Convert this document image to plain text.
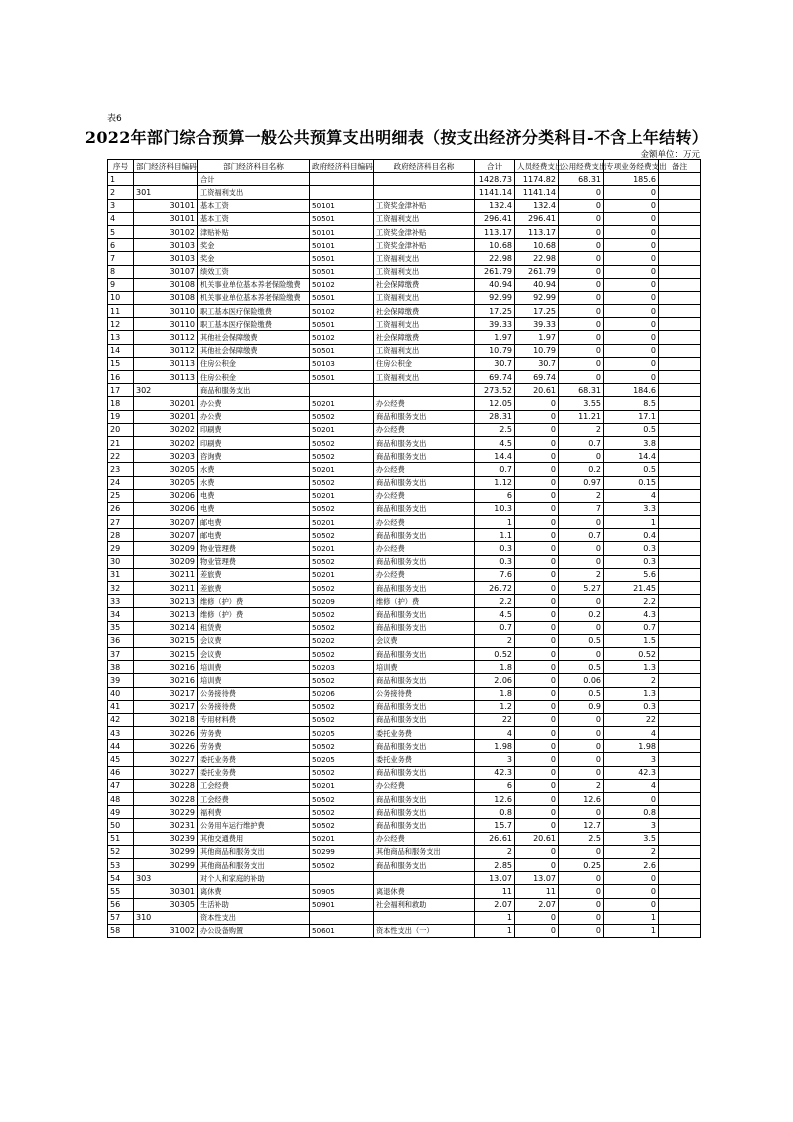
表6
2022年部门综合预算一般公共预算支出明细表（按支出经济分类科目-不含上年结转）
金额单位：万元
序号	部门经济科目编码	部门经济科目名称	政府经济科目编码	政府经济科目名称	合计	人员经费支出	公用经费支出	专项业务经费支出	备注
1		合计			1428.73	1174.82	68.31	185.6	
2	301	工资福利支出			1141.14	1141.14	0	0	
3	30101	基本工资	50101	工资奖金津补贴	132.4	132.4	0	0	
4	30101	基本工资	50501	工资福利支出	296.41	296.41	0	0	
5	30102	津贴补贴	50101	工资奖金津补贴	113.17	113.17	0	0	
6	30103	奖金	50101	工资奖金津补贴	10.68	10.68	0	0	
7	30103	奖金	50501	工资福利支出	22.98	22.98	0	0	
8	30107	绩效工资	50501	工资福利支出	261.79	261.79	0	0	
9	30108	机关事业单位基本养老保险缴费	50102	社会保障缴费	40.94	40.94	0	0	
10	30108	机关事业单位基本养老保险缴费	50501	工资福利支出	92.99	92.99	0	0	
11	30110	职工基本医疗保险缴费	50102	社会保障缴费	17.25	17.25	0	0	
12	30110	职工基本医疗保险缴费	50501	工资福利支出	39.33	39.33	0	0	
13	30112	其他社会保障缴费	50102	社会保障缴费	1.97	1.97	0	0	
14	30112	其他社会保障缴费	50501	工资福利支出	10.79	10.79	0	0	
15	30113	住房公积金	50103	住房公积金	30.7	30.7	0	0	
16	30113	住房公积金	50501	工资福利支出	69.74	69.74	0	0	
17	302	商品和服务支出			273.52	20.61	68.31	184.6	
18	30201	办公费	50201	办公经费	12.05	0	3.55	8.5	
19	30201	办公费	50502	商品和服务支出	28.31	0	11.21	17.1	
20	30202	印刷费	50201	办公经费	2.5	0	2	0.5	
21	30202	印刷费	50502	商品和服务支出	4.5	0	0.7	3.8	
22	30203	咨询费	50502	商品和服务支出	14.4	0	0	14.4	
23	30205	水费	50201	办公经费	0.7	0	0.2	0.5	
24	30205	水费	50502	商品和服务支出	1.12	0	0.97	0.15	
25	30206	电费	50201	办公经费	6	0	2	4	
26	30206	电费	50502	商品和服务支出	10.3	0	7	3.3	
27	30207	邮电费	50201	办公经费	1	0	0	1	
28	30207	邮电费	50502	商品和服务支出	1.1	0	0.7	0.4	
29	30209	物业管理费	50201	办公经费	0.3	0	0	0.3	
30	30209	物业管理费	50502	商品和服务支出	0.3	0	0	0.3	
31	30211	差旅费	50201	办公经费	7.6	0	2	5.6	
32	30211	差旅费	50502	商品和服务支出	26.72	0	5.27	21.45	
33	30213	维修（护）费	50209	维修（护）费	2.2	0	0	2.2	
34	30213	维修（护）费	50502	商品和服务支出	4.5	0	0.2	4.3	
35	30214	租赁费	50502	商品和服务支出	0.7	0	0	0.7	
36	30215	会议费	50202	会议费	2	0	0.5	1.5	
37	30215	会议费	50502	商品和服务支出	0.52	0	0	0.52	
38	30216	培训费	50203	培训费	1.8	0	0.5	1.3	
39	30216	培训费	50502	商品和服务支出	2.06	0	0.06	2	
40	30217	公务接待费	50206	公务接待费	1.8	0	0.5	1.3	
41	30217	公务接待费	50502	商品和服务支出	1.2	0	0.9	0.3	
42	30218	专用材料费	50502	商品和服务支出	22	0	0	22	
43	30226	劳务费	50205	委托业务费	4	0	0	4	
44	30226	劳务费	50502	商品和服务支出	1.98	0	0	1.98	
45	30227	委托业务费	50205	委托业务费	3	0	0	3	
46	30227	委托业务费	50502	商品和服务支出	42.3	0	0	42.3	
47	30228	工会经费	50201	办公经费	6	0	2	4	
48	30228	工会经费	50502	商品和服务支出	12.6	0	12.6	0	
49	30229	福利费	50502	商品和服务支出	0.8	0	0	0.8	
50	30231	公务用车运行维护费	50502	商品和服务支出	15.7	0	12.7	3	
51	30239	其他交通费用	50201	办公经费	26.61	20.61	2.5	3.5	
52	30299	其他商品和服务支出	50299	其他商品和服务支出	2	0	0	2	
53	30299	其他商品和服务支出	50502	商品和服务支出	2.85	0	0.25	2.6	
54	303	对个人和家庭的补助			13.07	13.07	0	0	
55	30301	离休费	50905	离退休费	11	11	0	0	
56	30305	生活补助	50901	社会福利和救助	2.07	2.07	0	0	
57	310	资本性支出			1	0	0	1	
58	31002	办公设备购置	50601	资本性支出（一）	1	0	0	1	
